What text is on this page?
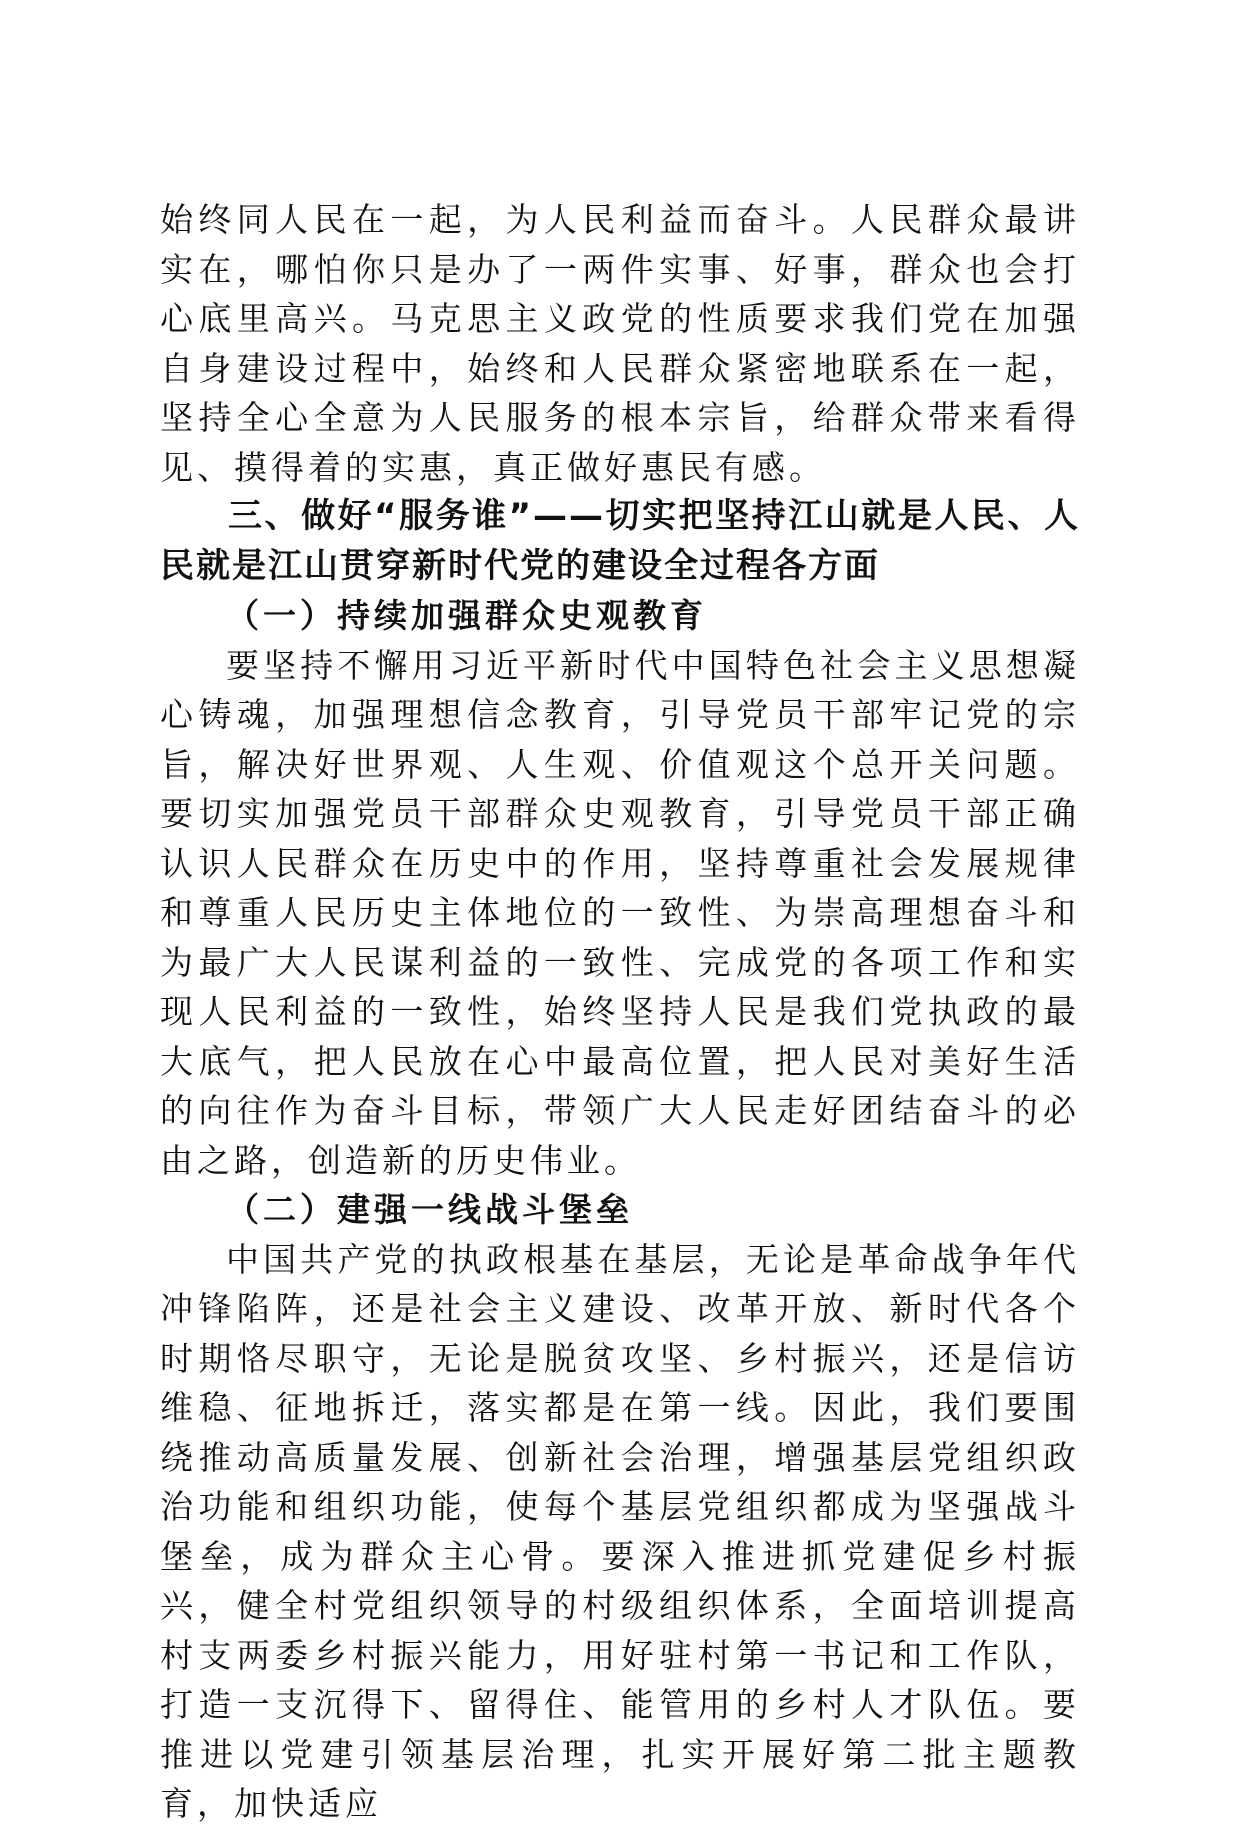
始终同人民在一起，为人民利益而奋斗。人民群众最讲实在，哪怕你只是办了一两件实事、好事，群众也会打心底里高兴。马克思主义政党的性质要求我们党在加强自身建设过程中，始终和人民群众紧密地联系在一起，坚持全心全意为人民服务的根本宗旨，给群众带来看得见、摸得着的实惠，真正做好惠民有感。

三、做好“服务谁”——切实把坚持江山就是人民、人民就是江山贯穿新时代党的建设全过程各方面

（一）持续加强群众史观教育

要坚持不懈用习近平新时代中国特色社会主义思想凝心铸魂，加强理想信念教育，引导党员干部牢记党的宗旨，解决好世界观、人生观、价值观这个总开关问题。要切实加强党员干部群众史观教育，引导党员干部正确认识人民群众在历史中的作用，坚持尊重社会发展规律和尊重人民历史主体地位的一致性、为崇高理想奋斗和为最广大人民谋利益的一致性、完成党的各项工作和实现人民利益的一致性，始终坚持人民是我们党执政的最大底气，把人民放在心中最高位置，把人民对美好生活的向往作为奋斗目标，带领广大人民走好团结奋斗的必由之路，创造新的历史伟业。

（二）建强一线战斗堡垒

中国共产党的执政根基在基层，无论是革命战争年代冲锋陷阵，还是社会主义建设、改革开放、新时代各个时期恪尽职守，无论是脱贫攻坚、乡村振兴，还是信访维稳、征地拆迁，落实都是在第一线。因此，我们要围绕推动高质量发展、创新社会治理，增强基层党组织政治功能和组织功能，使每个基层党组织都成为坚强战斗堡垒，成为群众主心骨。要深入推进抓党建促乡村振兴，健全村党组织领导的村级组织体系，全面培训提高村支两委乡村振兴能力，用好驻村第一书记和工作队，打造一支沉得下、留得住、能管用的乡村人才队伍。要推进以党建引领基层治理，扎实开展好第二批主题教育，加快适应
